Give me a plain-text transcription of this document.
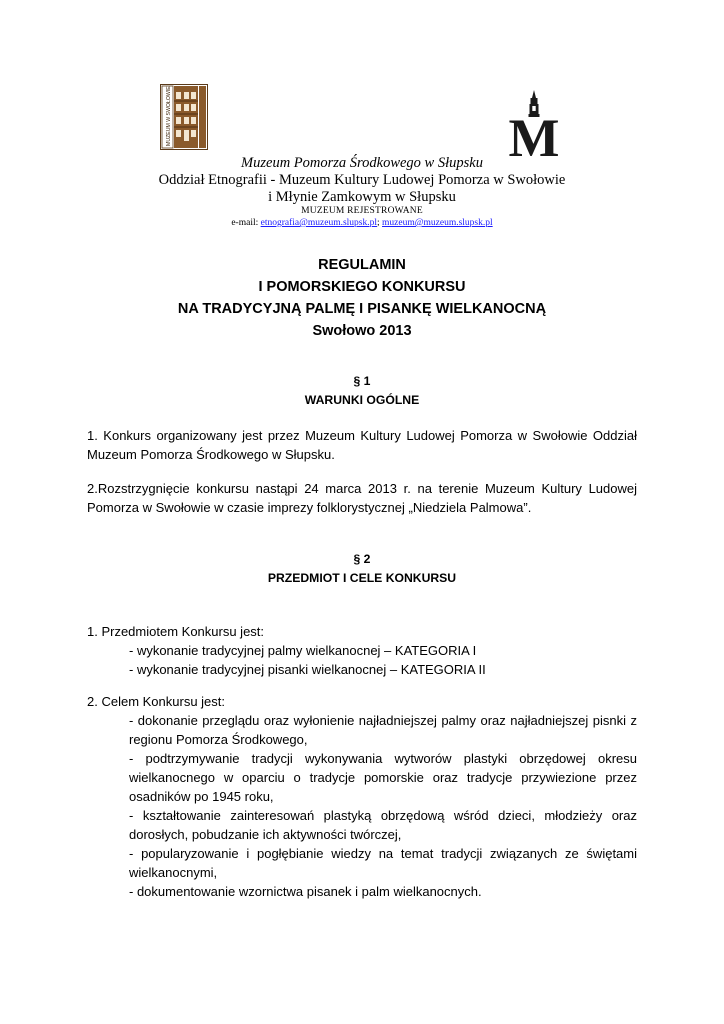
MUZEUM W SWOŁOWIE	M
Muzeum Pomorza Środkowego w Słupsku
Oddział Etnografii - Muzeum Kultury Ludowej Pomorza w Swołowie
i Młynie Zamkowym w Słupsku
MUZEUM REJESTROWANE
e-mail: etnografia@muzeum.slupsk.pl; muzeum@muzeum.slupsk.pl
REGULAMIN
I POMORSKIEGO KONKURSU
NA TRADYCYJNĄ PALMĘ I PISANKĘ WIELKANOCNĄ
Swołowo 2013
§ 1
WARUNKI OGÓLNE
1. Konkurs organizowany jest przez Muzeum Kultury Ludowej Pomorza w Swołowie Oddział Muzeum Pomorza Środkowego w Słupsku.
2.Rozstrzygnięcie konkursu nastąpi 24 marca 2013 r. na terenie Muzeum Kultury Ludowej Pomorza w Swołowie w czasie imprezy folklorystycznej „Niedziela Palmowa”.
§ 2
PRZEDMIOT I CELE KONKURSU
1. Przedmiotem Konkursu jest:
- wykonanie tradycyjnej palmy wielkanocnej – KATEGORIA I
- wykonanie tradycyjnej pisanki wielkanocnej – KATEGORIA II
2. Celem Konkursu jest:
- dokonanie przeglądu oraz wyłonienie najładniejszej palmy oraz najładniejszej pisnki z regionu Pomorza Środkowego,
- podtrzymywanie tradycji wykonywania wytworów plastyki obrzędowej okresu wielkanocnego w oparciu o tradycje pomorskie oraz tradycje przywiezione przez osadników po 1945 roku,
- kształtowanie zainteresowań plastyką obrzędową wśród dzieci, młodzieży oraz dorosłych, pobudzanie ich aktywności twórczej,
- popularyzowanie i pogłębianie wiedzy na temat tradycji związanych ze świętami wielkanocnymi,
- dokumentowanie wzornictwa pisanek i palm wielkanocnych.
